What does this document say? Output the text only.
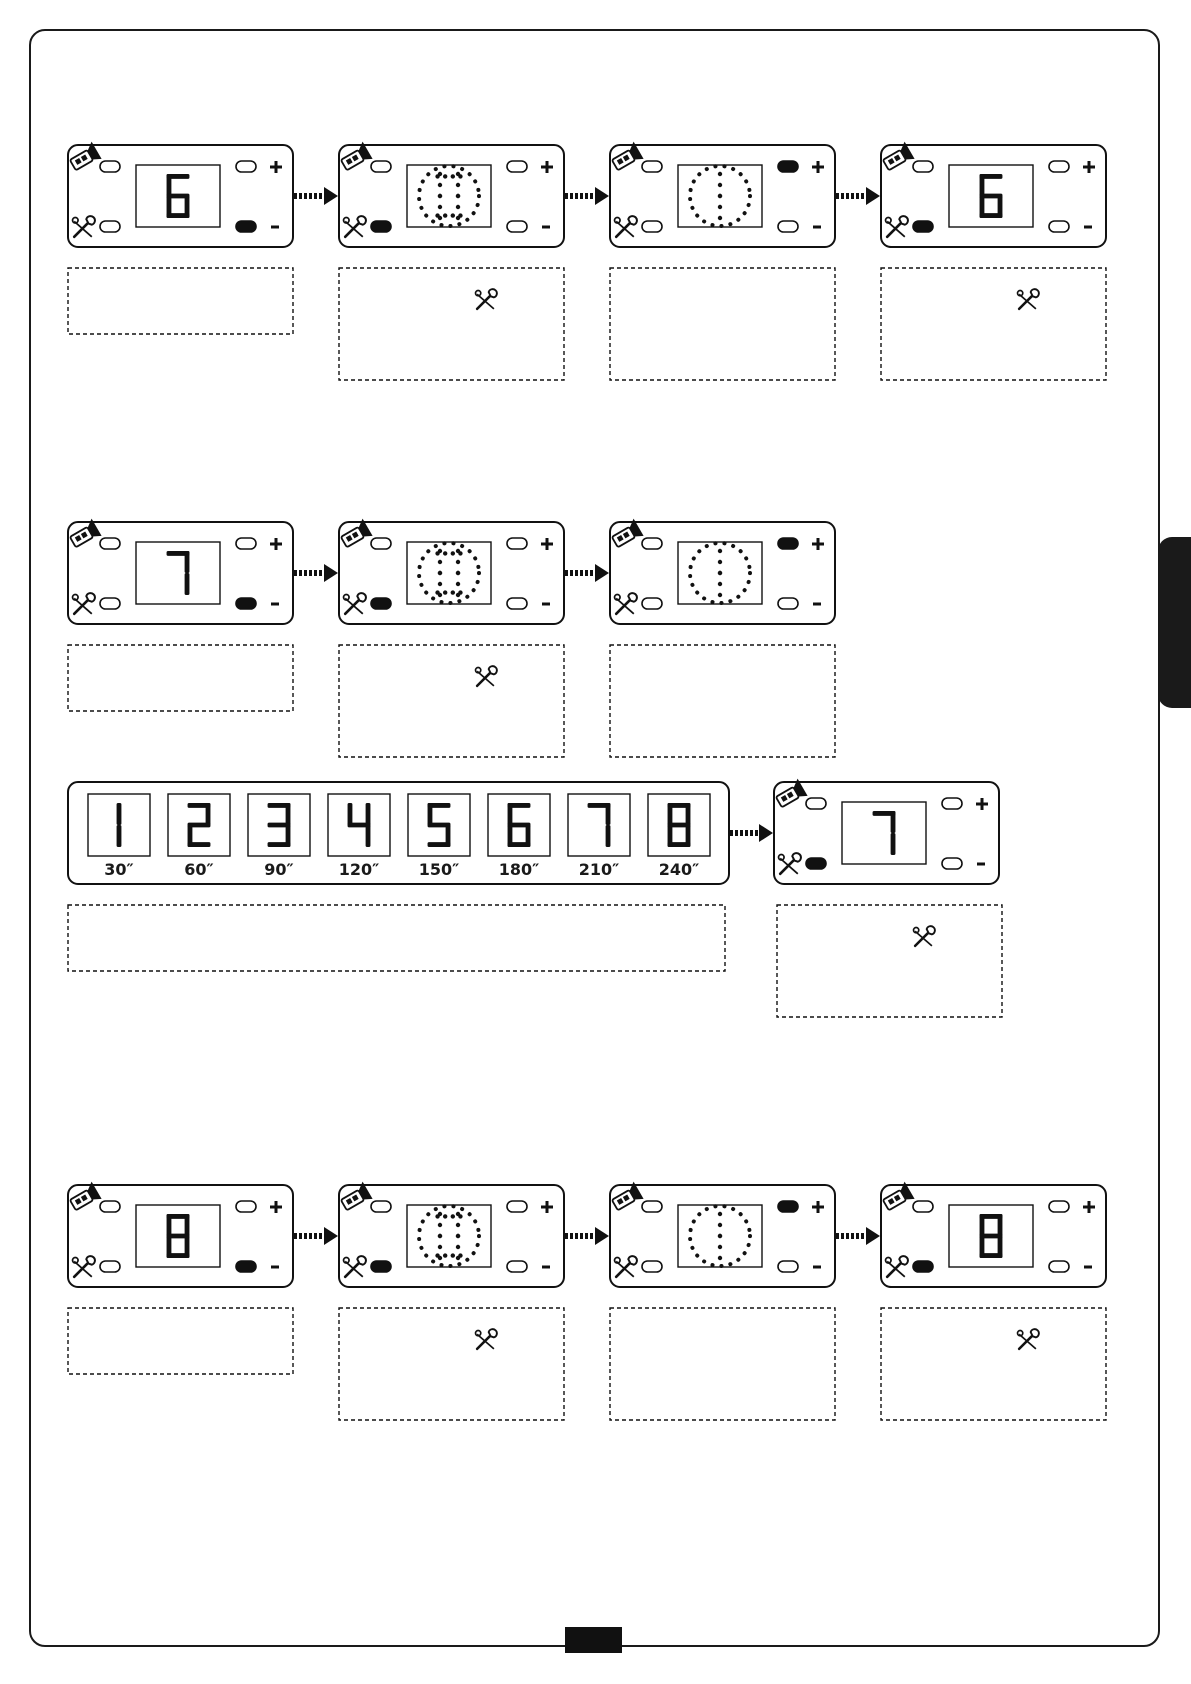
30″	60″	90″	120″ 150″ 180″ 210″ 240″
